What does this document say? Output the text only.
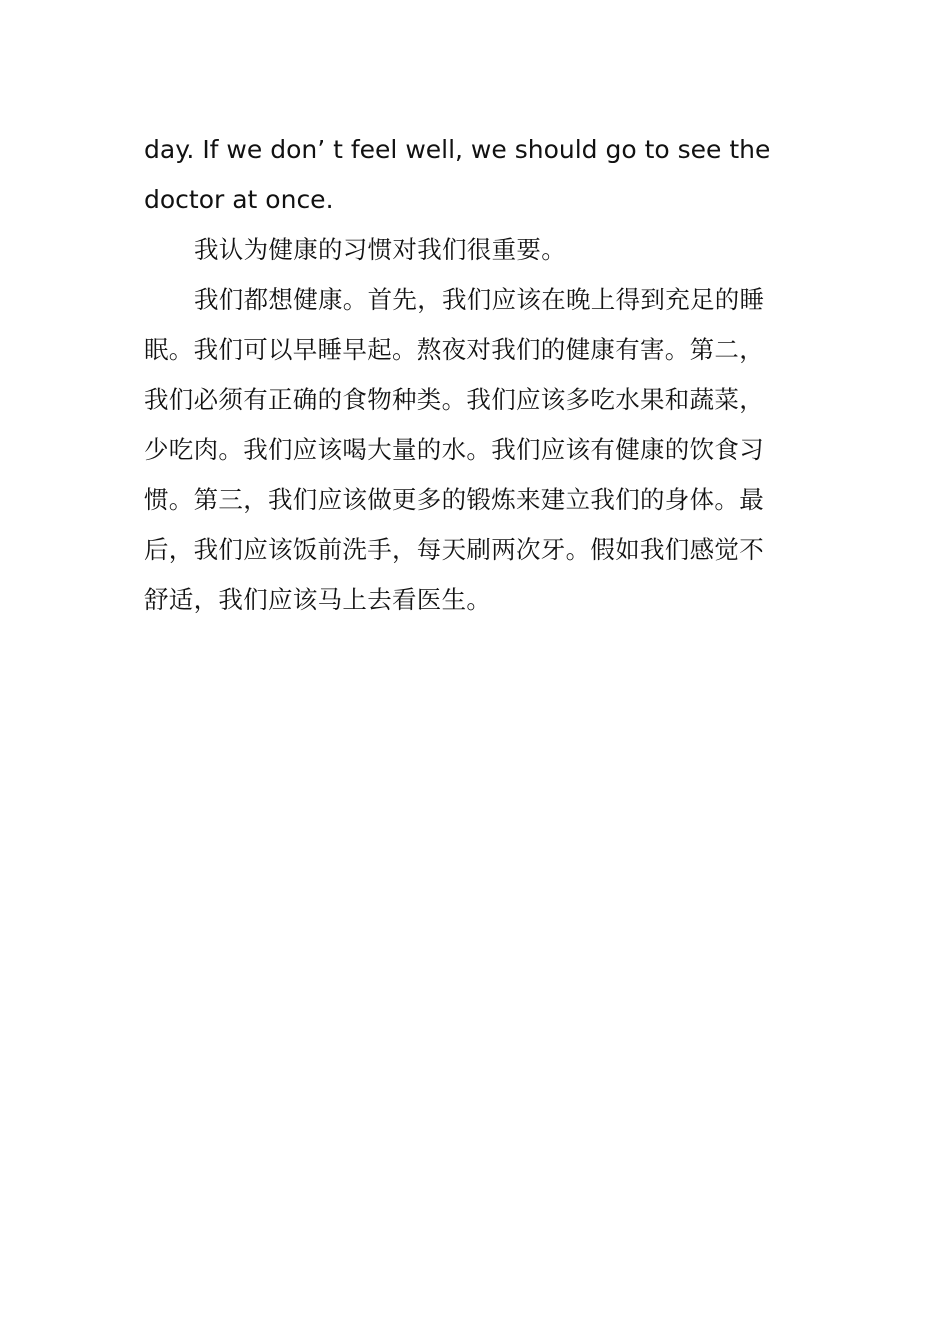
day. If we don’ t feel well, we should go to see the
doctor at once.
我认为健康的习惯对我们很重要。
我们都想健康。首先，我们应该在晚上得到充足的睡
眠。我们可以早睡早起。熬夜对我们的健康有害。第二，
我们必须有正确的食物种类。我们应该多吃水果和蔬菜，
少吃肉。我们应该喝大量的水。我们应该有健康的饮食习
惯。第三，我们应该做更多的锻炼来建立我们的身体。最
后，我们应该饭前洗手，每天刷两次牙。假如我们感觉不
舒适，我们应该马上去看医生。
